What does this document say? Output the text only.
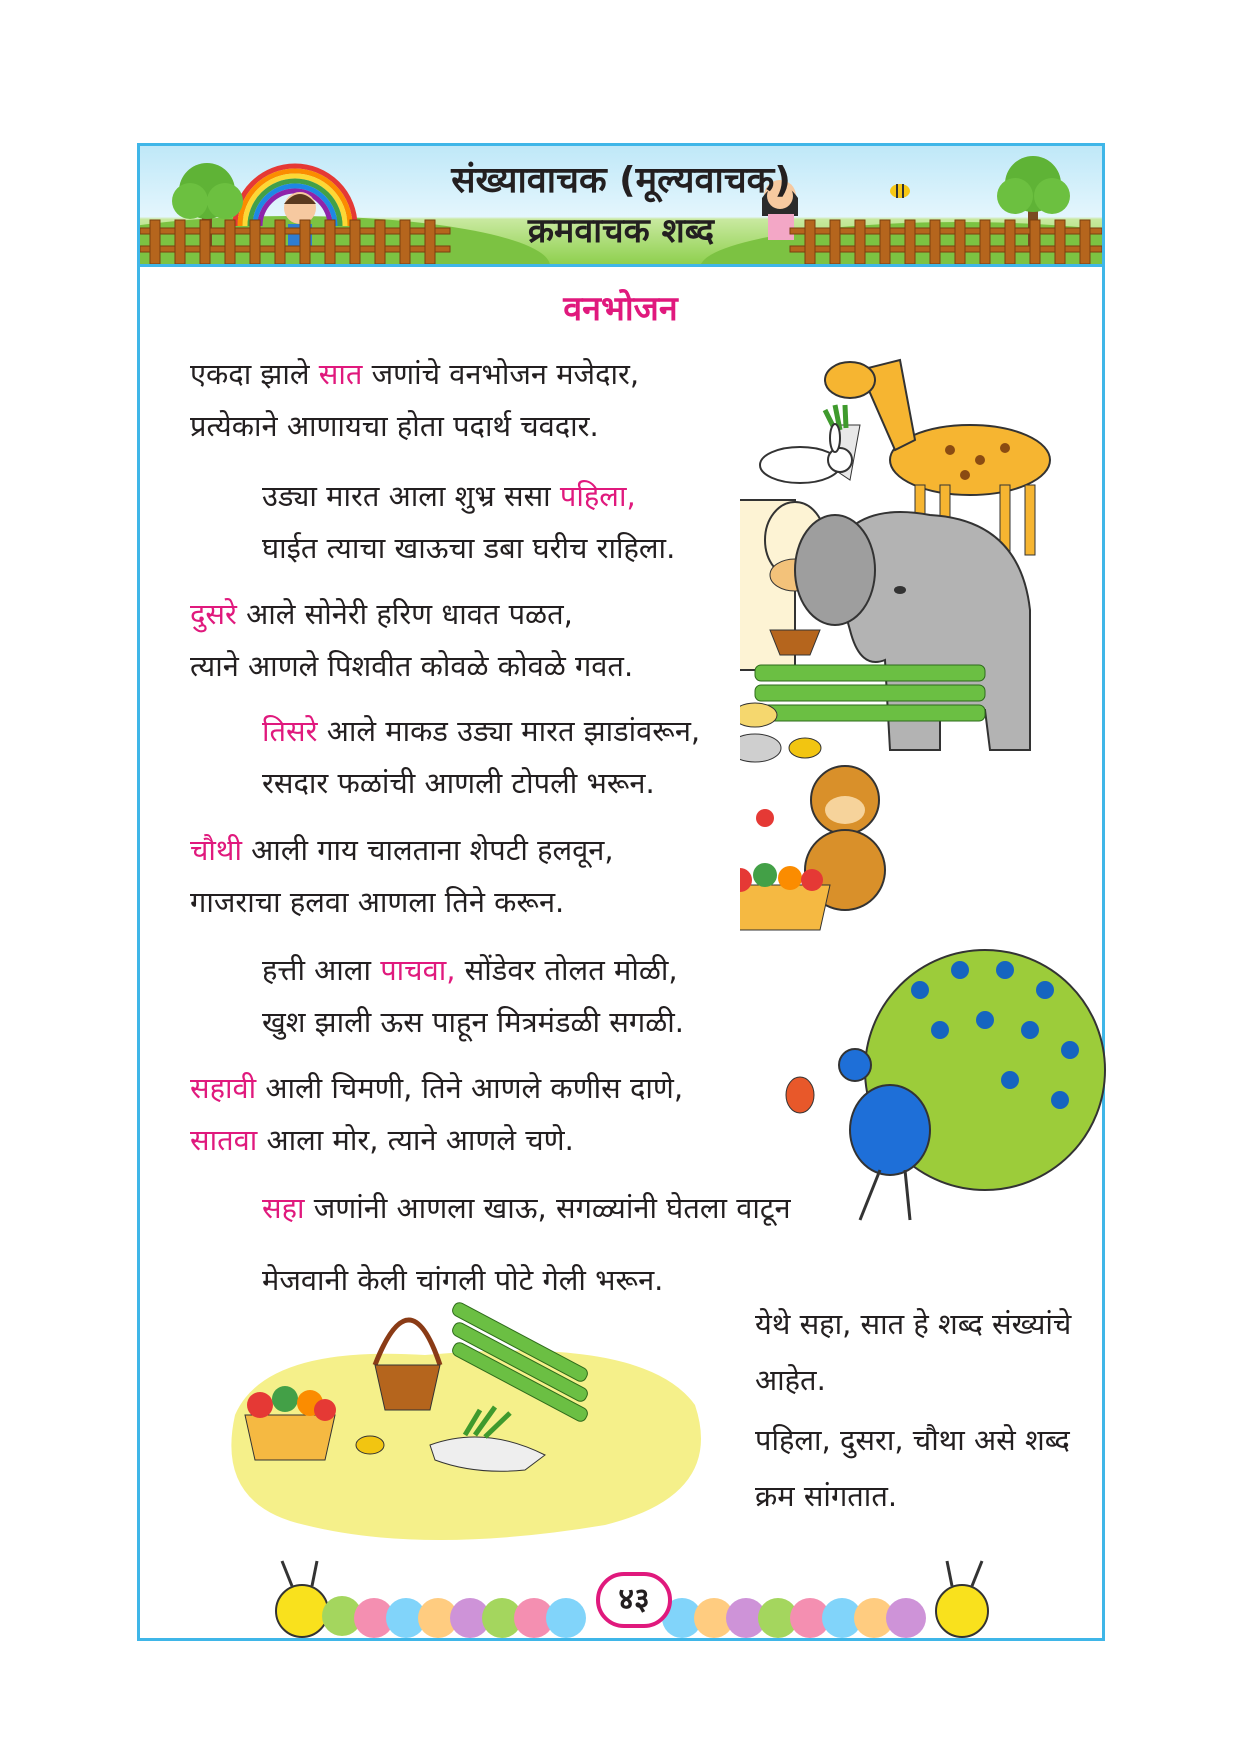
संख्यावाचक (मूल्यवाचक)
क्रमवाचक शब्द
वनभोजन
एकदा झाले सात जणांचे वनभोजन मजेदार,
प्रत्येकाने आणायचा होता पदार्थ चवदार.
उड्या मारत आला शुभ्र ससा पहिला,
घाईत त्याचा खाऊचा डबा घरीच राहिला.
दुसरे आले सोनेरी हरिण धावत पळत,
त्याने आणले पिशवीत कोवळे कोवळे गवत.
तिसरे आले माकड उड्या मारत झाडांवरून,
रसदार फळांची आणली टोपली भरून.
चौथी आली गाय चालताना शेपटी हलवून,
गाजराचा हलवा आणला तिने करून.
हत्ती आला पाचवा, सोंडेवर तोलत मोळी,
खुश झाली ऊस पाहून मित्रमंडळी सगळी.
सहावी आली चिमणी, तिने आणले कणीस दाणे,
सातवा आला मोर, त्याने आणले चणे.
सहा जणांनी आणला खाऊ, सगळ्यांनी घेतला वाटून
मेजवानी केली चांगली पोटे गेली भरून.
येथे सहा, सात हे शब्द संख्यांचे आहेत.
पहिला, दुसरा, चौथा असे शब्द क्रम सांगतात.
४३
